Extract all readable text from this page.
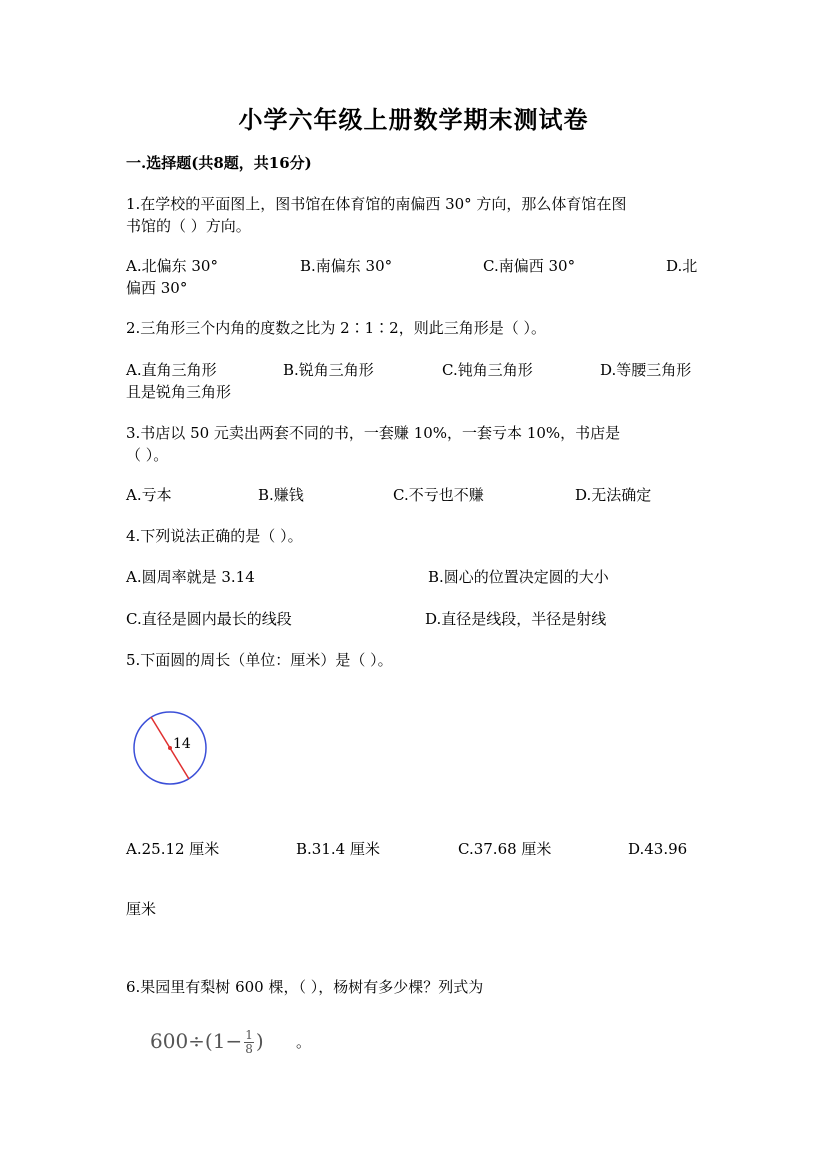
小学六年级上册数学期末测试卷
一.选择题(共8题，共16分)
1.在学校的平面图上，图书馆在体育馆的南偏西 30° 方向，那么体育馆在图
书馆的（ ）方向。
A.北偏东 30°	B.南偏东 30°	C.南偏西 30°	D.北
偏西 30°
2.三角形三个内角的度数之比为 2∶1∶2，则此三角形是（ ）。
A.直角三角形	B.锐角三角形	C.钝角三角形	D.等腰三角形
且是锐角三角形
3.书店以 50 元卖出两套不同的书，一套赚 10%，一套亏本 10%，书店是
（ ）。
A.亏本	B.赚钱	C.不亏也不赚	D.无法确定
4.下列说法正确的是（ ）。
A.圆周率就是 3.14	B.圆心的位置决定圆的大小
C.直径是圆内最长的线段	D.直径是线段，半径是射线
5.下面圆的周长（单位：厘米）是（ ）。
14
A.25.12 厘米	B.31.4 厘米	C.37.68 厘米	D.43.96
厘米
6.果园里有梨树 600 棵，（ ），杨树有多少棵？列式为
$600\div(1- \frac{1}{8}$ ) 。
